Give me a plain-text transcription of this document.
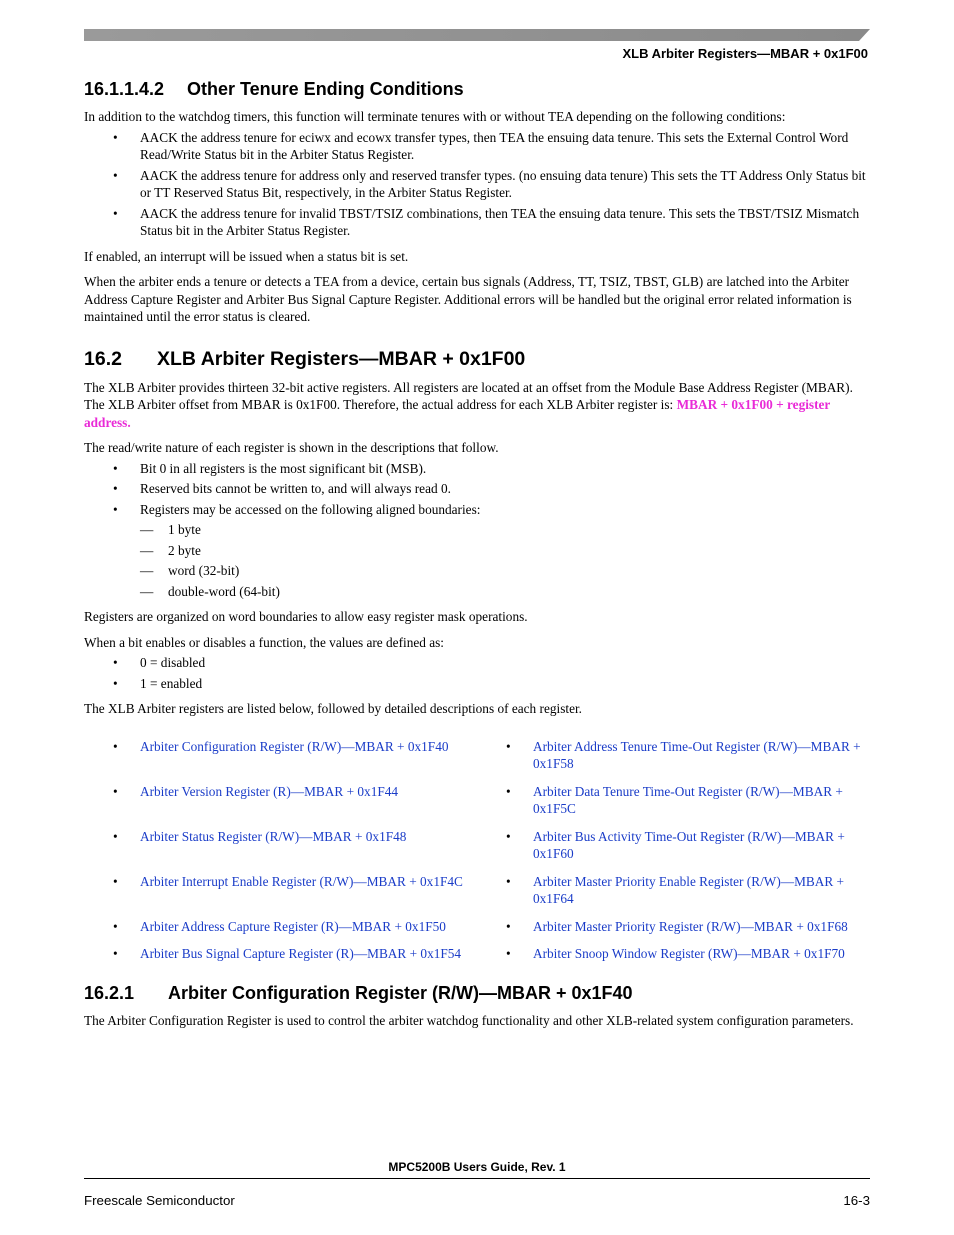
XLB Arbiter Registers—MBAR + 0x1F00
16.1.1.4.2 Other Tenure Ending Conditions

In addition to the watchdog timers, this function will terminate tenures with or without TEA depending on the following conditions:

• AACK the address tenure for eciwx and ecowx transfer types, then TEA the ensuing data tenure. This sets the External Control Word Read/Write Status bit in the Arbiter Status Register.
• AACK the address tenure for address only and reserved transfer types. (no ensuing data tenure) This sets the TT Address Only Status bit or TT Reserved Status Bit, respectively, in the Arbiter Status Register.
• AACK the address tenure for invalid TBST/TSIZ combinations, then TEA the ensuing data tenure. This sets the TBST/TSIZ Mismatch Status bit in the Arbiter Status Register.

If enabled, an interrupt will be issued when a status bit is set.

When the arbiter ends a tenure or detects a TEA from a device, certain bus signals (Address, TT, TSIZ, TBST, GLB) are latched into the Arbiter Address Capture Register and Arbiter Bus Signal Capture Register. Additional errors will be handled but the original error related information is maintained until the error status is cleared.

16.2 XLB Arbiter Registers—MBAR + 0x1F00

The XLB Arbiter provides thirteen 32-bit active registers. All registers are located at an offset from the Module Base Address Register (MBAR). The XLB Arbiter offset from MBAR is 0x1F00. Therefore, the actual address for each XLB Arbiter register is: MBAR + 0x1F00 + register address.

The read/write nature of each register is shown in the descriptions that follow.

• Bit 0 in all registers is the most significant bit (MSB).
• Reserved bits cannot be written to, and will always read 0.
• Registers may be accessed on the following aligned boundaries:
— 1 byte
— 2 byte
— word (32-bit)
— double-word (64-bit)

Registers are organized on word boundaries to allow easy register mask operations.

When a bit enables or disables a function, the values are defined as:

• 0 = disabled
• 1 = enabled

The XLB Arbiter registers are listed below, followed by detailed descriptions of each register.

• Arbiter Configuration Register (R/W)—MBAR + 0x1F40	• Arbiter Address Tenure Time-Out Register (R/W)—MBAR + 0x1F58
• Arbiter Version Register (R)—MBAR + 0x1F44	• Arbiter Data Tenure Time-Out Register (R/W)—MBAR + 0x1F5C
• Arbiter Status Register (R/W)—MBAR + 0x1F48	• Arbiter Bus Activity Time-Out Register (R/W)—MBAR + 0x1F60
• Arbiter Interrupt Enable Register (R/W)—MBAR + 0x1F4C	• Arbiter Master Priority Enable Register (R/W)—MBAR + 0x1F64
• Arbiter Address Capture Register (R)—MBAR + 0x1F50	• Arbiter Master Priority Register (R/W)—MBAR + 0x1F68
• Arbiter Bus Signal Capture Register (R)—MBAR + 0x1F54	• Arbiter Snoop Window Register (RW)—MBAR + 0x1F70
16.2.1 Arbiter Configuration Register (R/W)—MBAR + 0x1F40

The Arbiter Configuration Register is used to control the arbiter watchdog functionality and other XLB-related system configuration parameters.

MPC5200B Users Guide, Rev. 1
Freescale Semiconductor	16-3
